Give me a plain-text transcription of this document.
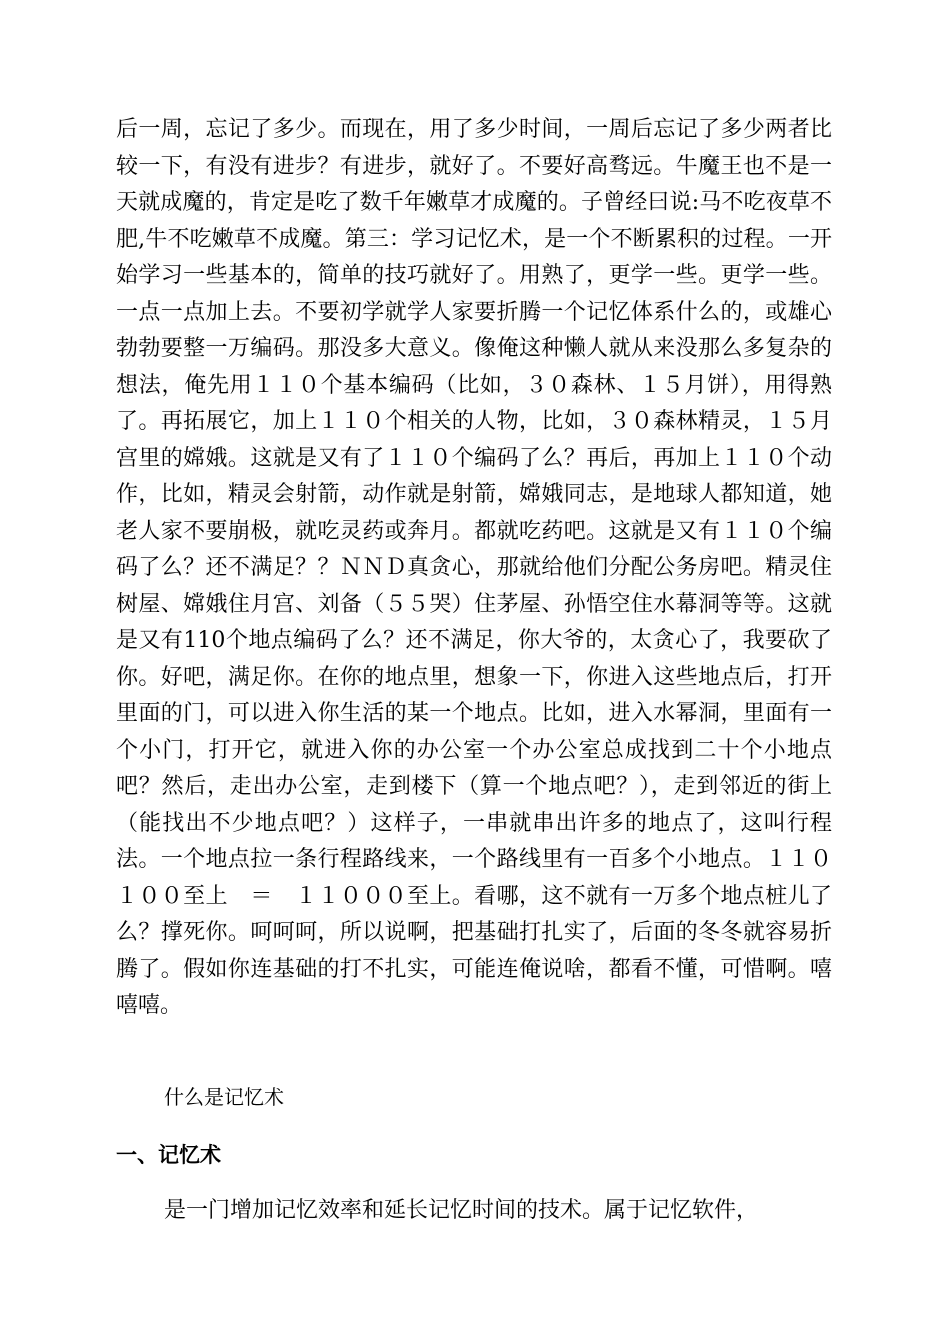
后一周，忘记了多少。而现在，用了多少时间，一周后忘记了多少两者比较一下，有没有进步？有进步，就好了。不要好高骛远。牛魔王也不是一天就成魔的，肯定是吃了数千年嫩草才成魔的。子曾经曰说:马不吃夜草不肥,牛不吃嫩草不成魔。第三：学习记忆术，是一个不断累积的过程。一开始学习一些基本的，简单的技巧就好了。用熟了，更学一些。更学一些。一点一点加上去。不要初学就学人家要折腾一个记忆体系什么的，或雄心勃勃要整一万编码。那没多大意义。像俺这种懒人就从来没那么多复杂的想法，俺先用１１０个基本编码（比如，３０森林、１５月饼），用得熟了。再拓展它，加上１１０个相关的人物，比如，３０森林精灵，１５月宫里的嫦娥。这就是又有了１１０个编码了么？再后，再加上１１０个动作，比如，精灵会射箭，动作就是射箭，嫦娥同志，是地球人都知道，她老人家不要崩极，就吃灵药或奔月。都就吃药吧。这就是又有１１０个编码了么？还不满足？？ＮＮＤ真贪心，那就给他们分配公务房吧。精灵住树屋、嫦娥住月宫、刘备（５５哭）住茅屋、孙悟空住水幕洞等等。这就是又有110个地点编码了么？还不满足，你大爷的，太贪心了，我要砍了你。好吧，满足你。在你的地点里，想象一下，你进入这些地点后，打开里面的门，可以进入你生活的某一个地点。比如，进入水幂洞，里面有一个小门，打开它，就进入你的办公室一个办公室总成找到二十个小地点吧？然后，走出办公室，走到楼下（算一个地点吧？），走到邻近的街上（能找出不少地点吧？）这样子，一串就串出许多的地点了，这叫行程法。一个地点拉一条行程路线来，一个路线里有一百多个小地点。１１０１００至上　＝　１１０００至上。看哪，这不就有一万多个地点桩儿了么？撑死你。呵呵呵，所以说啊，把基础打扎实了，后面的冬冬就容易折腾了。假如你连基础的打不扎实，可能连俺说啥，都看不懂，可惜啊。嘻嘻嘻。

什么是记忆术

一、记忆术

是一门增加记忆效率和延长记忆时间的技术。属于记忆软件，
